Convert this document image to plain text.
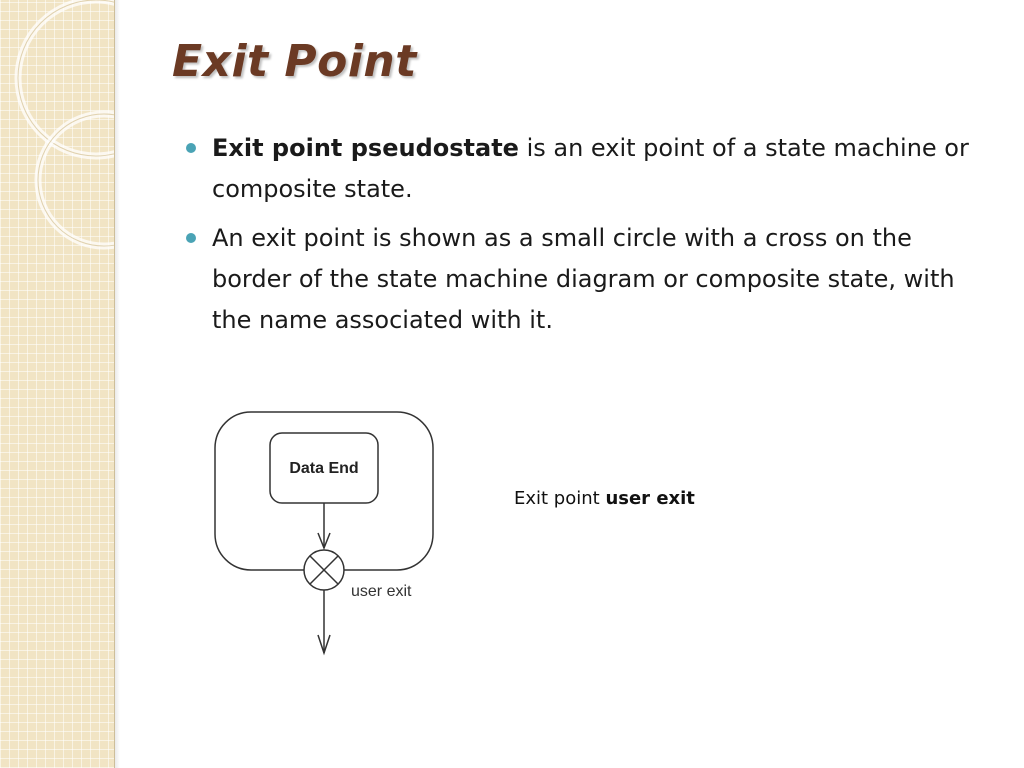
Exit Point
Exit point pseudostate is an exit point of a state machine or composite state.
An exit point is shown as a small circle with a cross on the border of the state machine diagram or composite state, with the name associated with it.
Data End
user exit
Exit point user exit
